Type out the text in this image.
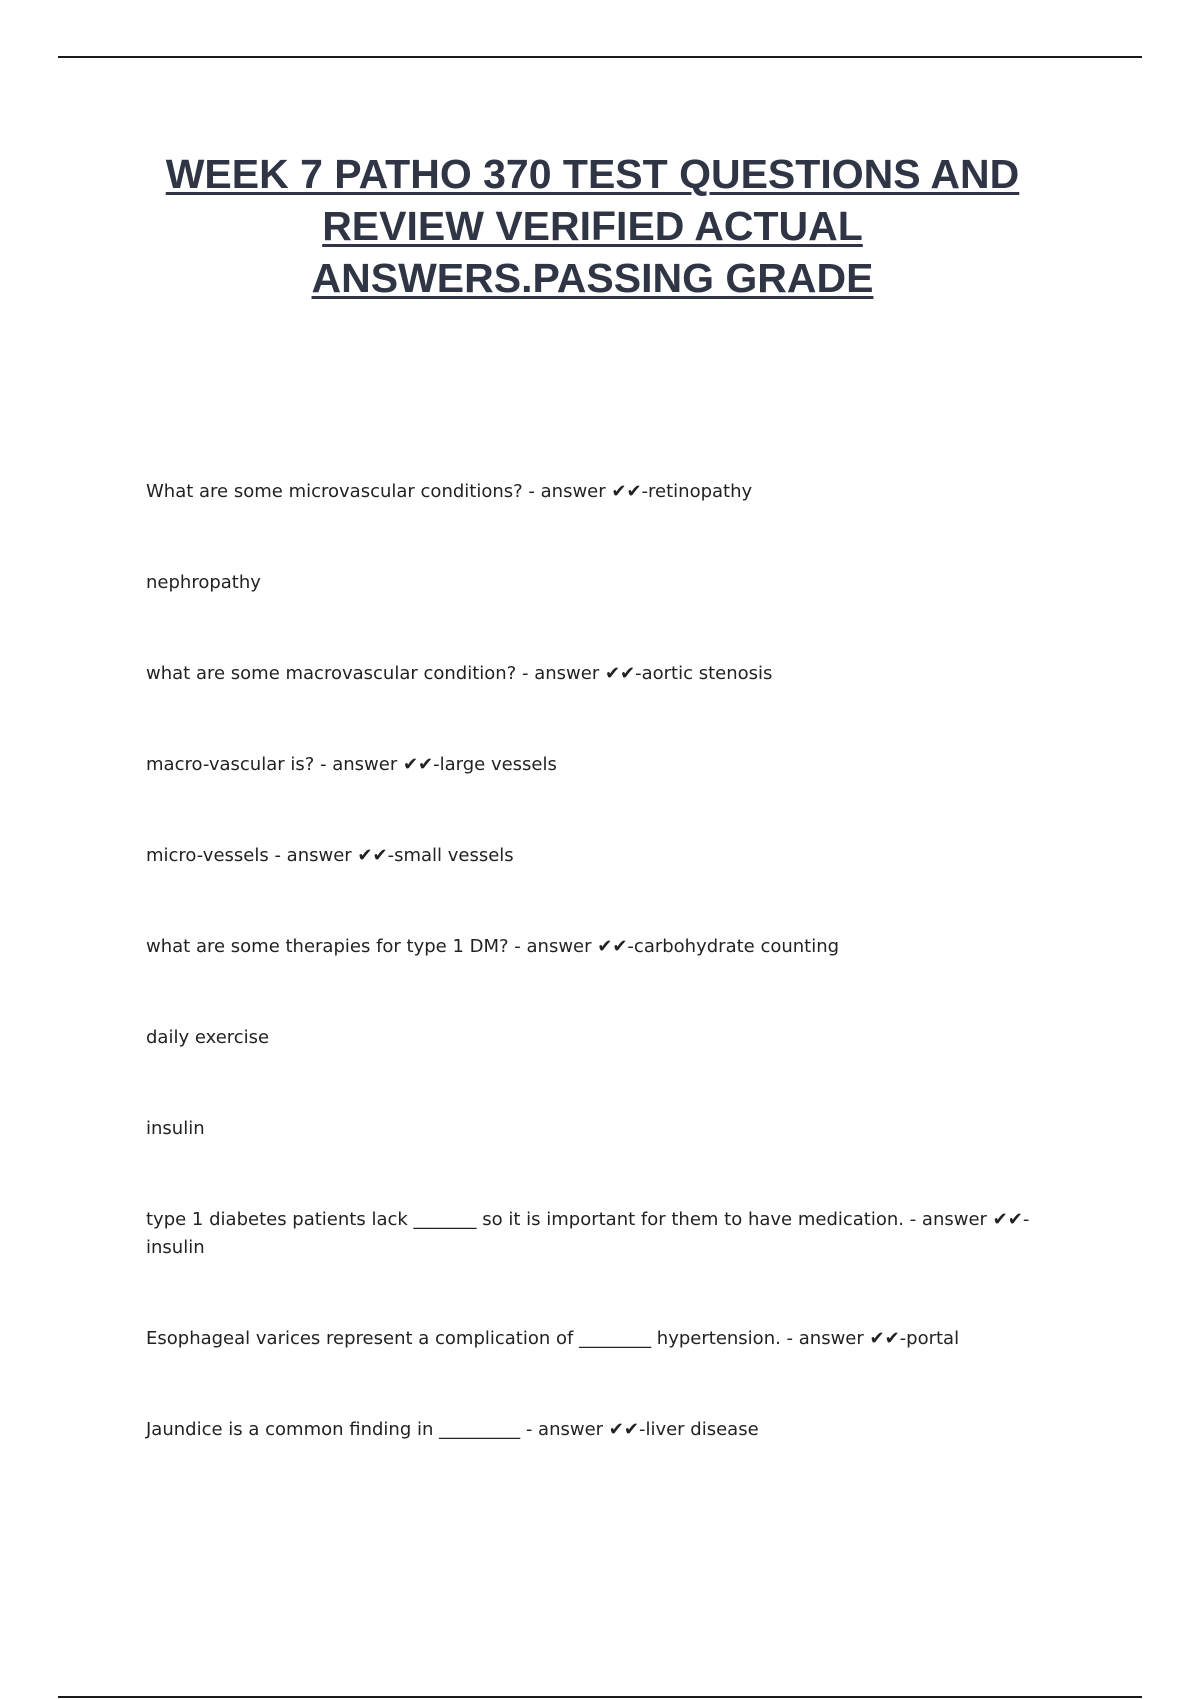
WEEK 7 PATHO 370 TEST QUESTIONS AND REVIEW VERIFIED ACTUAL ANSWERS.PASSING GRADE
What are some microvascular conditions? - answer ✔✔-retinopathy
nephropathy
what are some macrovascular condition? - answer ✔✔-aortic stenosis
macro-vascular is? - answer ✔✔-large vessels
micro-vessels - answer ✔✔-small vessels
what are some therapies for type 1 DM? - answer ✔✔-carbohydrate counting
daily exercise
insulin
type 1 diabetes patients lack _______ so it is important for them to have medication. - answer ✔✔-insulin
Esophageal varices represent a complication of ________ hypertension. - answer ✔✔-portal
Jaundice is a common finding in _________ - answer ✔✔-liver disease
